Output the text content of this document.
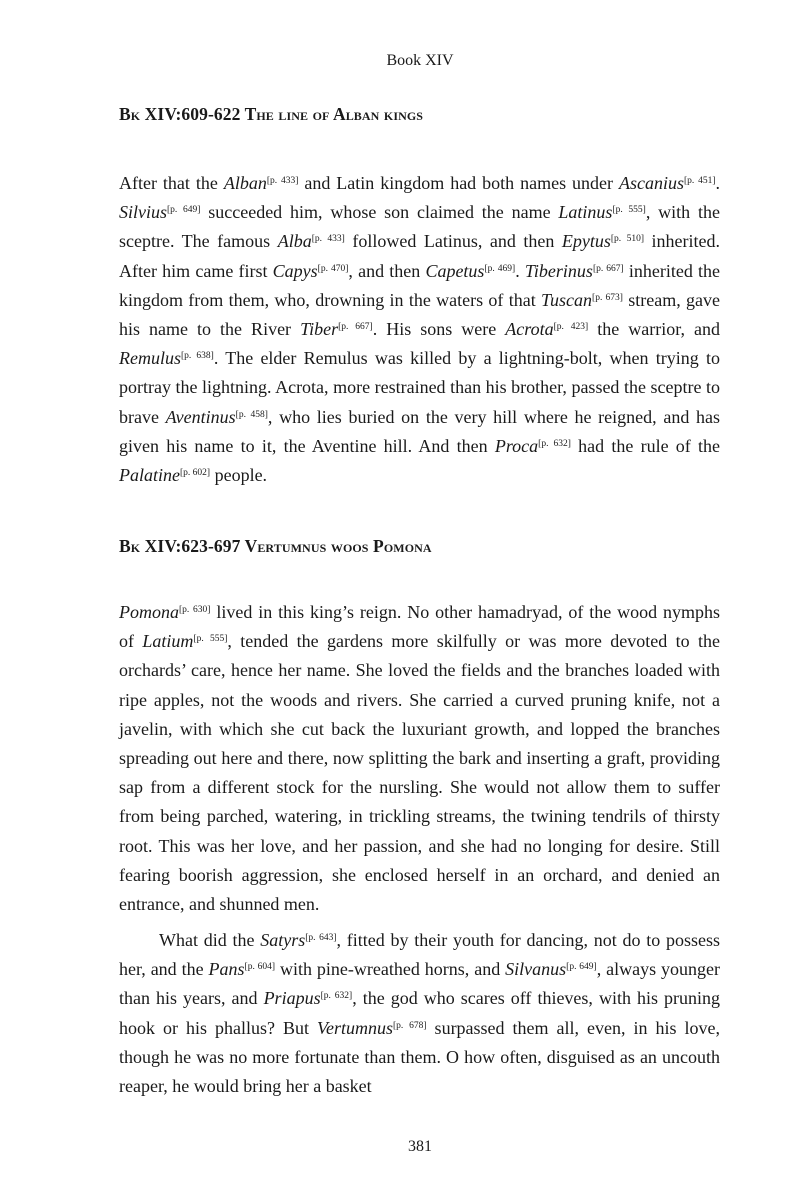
Book XIV
Bk XIV:609-622 The line of Alban kings

After that the Alban[p. 433] and Latin kingdom had both names under Ascanius[p. 451]. Silvius[p. 649] succeeded him, whose son claimed the name Latinus[p. 555], with the sceptre. The famous Alba[p. 433] followed Latinus, and then Epytus[p. 510] inherited. After him came first Capys[p. 470], and then Capetus[p. 469]. Tiberinus[p. 667] inherited the kingdom from them, who, drowning in the waters of that Tuscan[p. 673] stream, gave his name to the River Tiber[p. 667]. His sons were Acrota[p. 423] the warrior, and Remulus[p. 638]. The elder Remulus was killed by a lightning-bolt, when trying to portray the lightning. Acrota, more restrained than his brother, passed the sceptre to brave Aventinus[p. 458], who lies buried on the very hill where he reigned, and has given his name to it, the Aventine hill. And then Proca[p. 632] had the rule of the Palatine[p. 602] people.

Bk XIV:623-697 Vertumnus woos Pomona

Pomona[p. 630] lived in this king’s reign. No other hamadryad, of the wood nymphs of Latium[p. 555], tended the gardens more skilfully or was more devoted to the orchards’ care, hence her name. She loved the fields and the branches loaded with ripe apples, not the woods and rivers. She carried a curved pruning knife, not a javelin, with which she cut back the luxuriant growth, and lopped the branches spreading out here and there, now splitting the bark and inserting a graft, providing sap from a different stock for the nursling. She would not allow them to suffer from being parched, watering, in trickling streams, the twining tendrils of thirsty root. This was her love, and her passion, and she had no longing for desire. Still fearing boorish aggression, she enclosed herself in an orchard, and denied an entrance, and shunned men.

What did the Satyrs[p. 643], fitted by their youth for dancing, not do to possess her, and the Pans[p. 604] with pine-wreathed horns, and Silvanus[p. 649], always younger than his years, and Priapus[p. 632], the god who scares off thieves, with his pruning hook or his phallus? But Vertumnus[p. 678] surpassed them all, even, in his love, though he was no more fortunate than them. O how often, disguised as an uncouth reaper, he would bring her a basket

381
